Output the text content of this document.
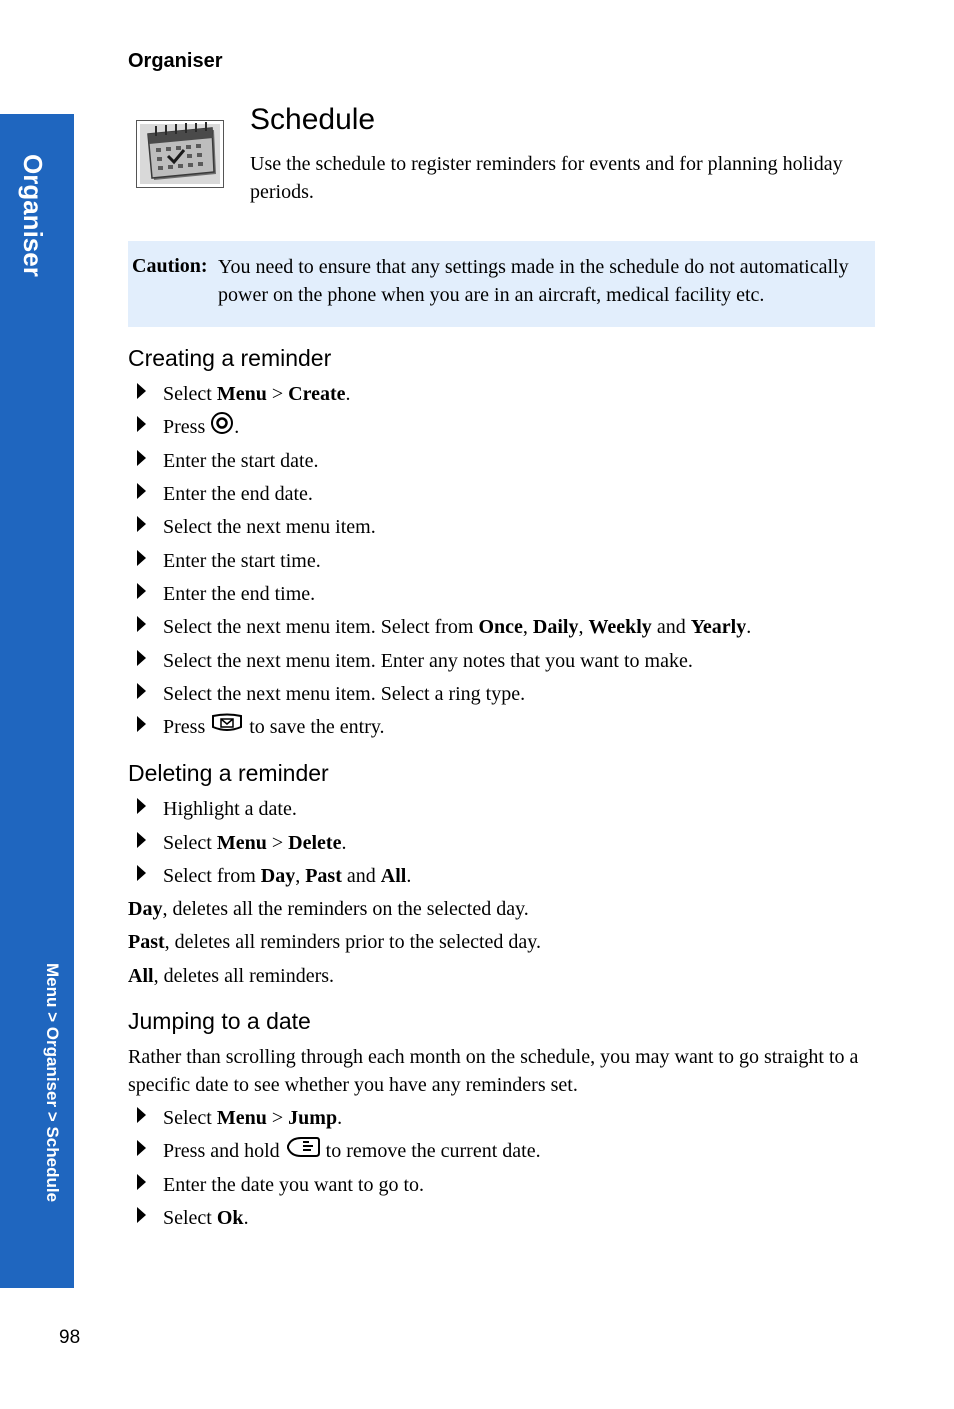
Organiser
Organiser
Menu > Organiser > Schedule
Schedule
Use the schedule to register reminders for events and for planning holiday periods.
Caution: You need to ensure that any settings made in the schedule do not automatically power on the phone when you are in an aircraft, medical facility etc.
Creating a reminder
Select Menu > Create.
Press .
Enter the start date.
Enter the end date.
Select the next menu item.
Enter the start time.
Enter the end time.
Select the next menu item. Select from Once, Daily, Weekly and Yearly.
Select the next menu item. Enter any notes that you want to make.
Select the next menu item. Select a ring type.
Press  to save the entry.
Deleting a reminder
Highlight a date.
Select Menu > Delete.
Select from Day, Past and All.
Day, deletes all the reminders on the selected day.
Past, deletes all reminders prior to the selected day.
All, deletes all reminders.
Jumping to a date
Rather than scrolling through each month on the schedule, you may want to go straight to a specific date to see whether you have any reminders set.
Select Menu > Jump.
Press and hold  to remove the current date.
Enter the date you want to go to.
Select Ok.
98
